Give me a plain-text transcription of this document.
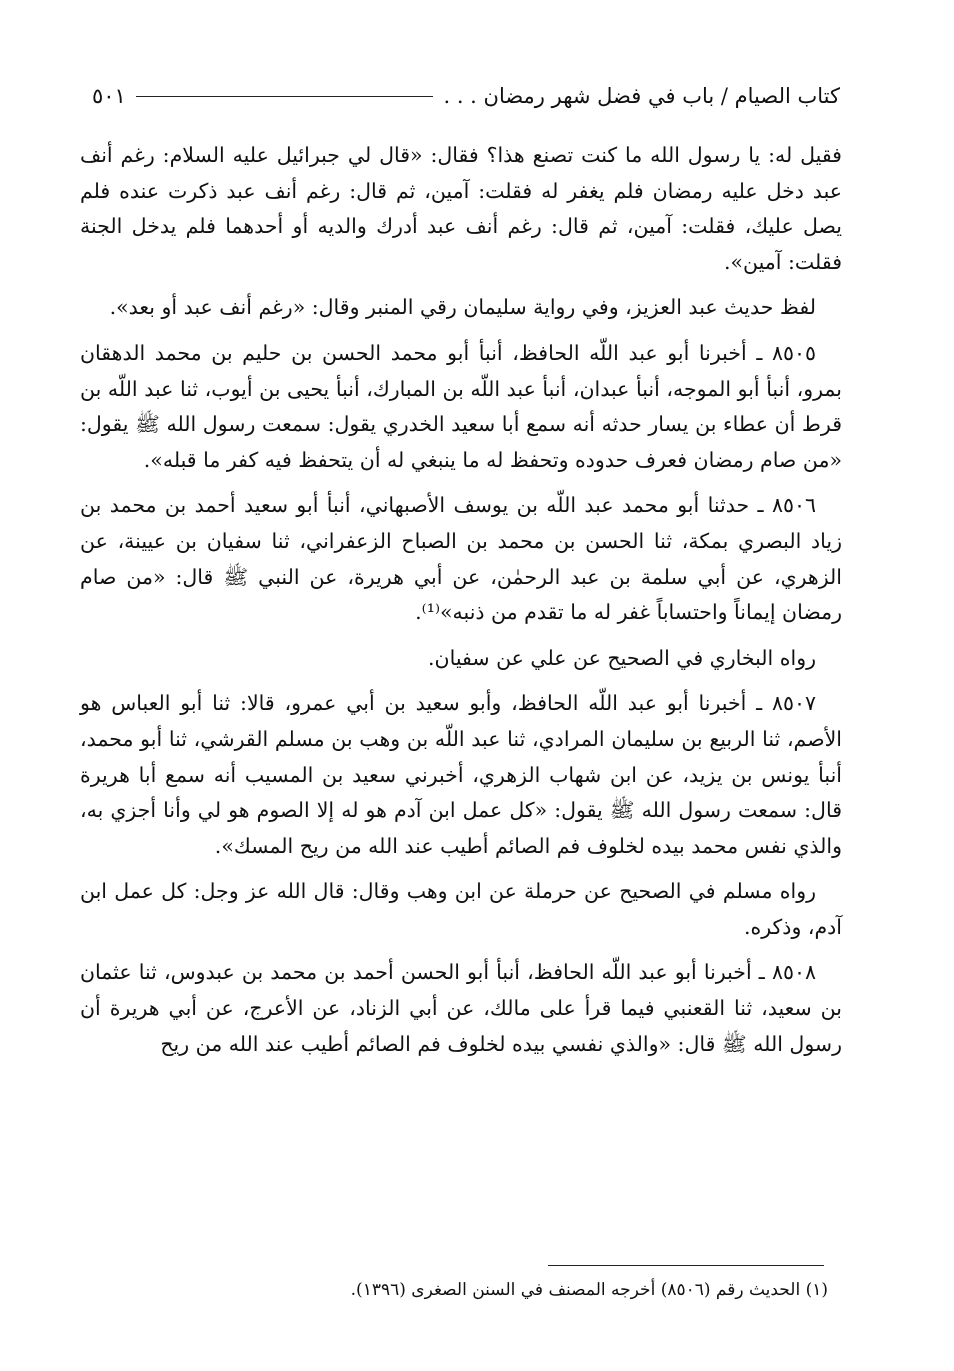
كتاب الصيام / باب في فضل شهر رمضان . . .
٥٠١

فقيل له: يا رسول الله ما كنت تصنع هذا؟ فقال: «قال لي جبرائيل عليه السلام: رغم أنف عبد دخل عليه رمضان فلم يغفر له فقلت: آمين، ثم قال: رغم أنف عبد ذكرت عنده فلم يصل عليك، فقلت: آمين، ثم قال: رغم أنف عبد أدرك والديه أو أحدهما فلم يدخل الجنة فقلت: آمين».

لفظ حديث عبد العزيز، وفي رواية سليمان رقي المنبر وقال: «رغم أنف عبد أو بعد».

٨٥٠٥ ـ أخبرنا أبو عبد اللّه الحافظ، أنبأ أبو محمد الحسن بن حليم بن محمد الدهقان بمرو، أنبأ أبو الموجه، أنبأ عبدان، أنبأ عبد اللّه بن المبارك، أنبأ يحيى بن أيوب، ثنا عبد اللّه بن قرط أن عطاء بن يسار حدثه أنه سمع أبا سعيد الخدري يقول: سمعت رسول الله ﷺ يقول: «من صام رمضان فعرف حدوده وتحفظ له ما ينبغي له أن يتحفظ فيه كفر ما قبله».

٨٥٠٦ ـ حدثنا أبو محمد عبد اللّه بن يوسف الأصبهاني، أنبأ أبو سعيد أحمد بن محمد بن زياد البصري بمكة، ثنا الحسن بن محمد بن الصباح الزعفراني، ثنا سفيان بن عيينة، عن الزهري، عن أبي سلمة بن عبد الرحمٰن، عن أبي هريرة، عن النبي ﷺ قال: «من صام رمضان إيماناً واحتساباً غفر له ما تقدم من ذنبه»⁽¹⁾.

رواه البخاري في الصحيح عن علي عن سفيان.

٨٥٠٧ ـ أخبرنا أبو عبد اللّه الحافظ، وأبو سعيد بن أبي عمرو، قالا: ثنا أبو العباس هو الأصم، ثنا الربيع بن سليمان المرادي، ثنا عبد اللّه بن وهب بن مسلم القرشي، ثنا أبو محمد، أنبأ يونس بن يزيد، عن ابن شهاب الزهري، أخبرني سعيد بن المسيب أنه سمع أبا هريرة قال: سمعت رسول الله ﷺ يقول: «كل عمل ابن آدم هو له إلا الصوم هو لي وأنا أجزي به، والذي نفس محمد بيده لخلوف فم الصائم أطيب عند الله من ريح المسك».

رواه مسلم في الصحيح عن حرملة عن ابن وهب وقال: قال الله عز وجل: كل عمل ابن آدم، وذكره.

٨٥٠٨ ـ أخبرنا أبو عبد اللّه الحافظ، أنبأ أبو الحسن أحمد بن محمد بن عبدوس، ثنا عثمان بن سعيد، ثنا القعنبي فيما قرأ على مالك، عن أبي الزناد، عن الأعرج، عن أبي هريرة أن رسول الله ﷺ قال: «والذي نفسي بيده لخلوف فم الصائم أطيب عند الله من ريح

(١) الحديث رقم (٨٥٠٦) أخرجه المصنف في السنن الصغرى (١٣٩٦).
